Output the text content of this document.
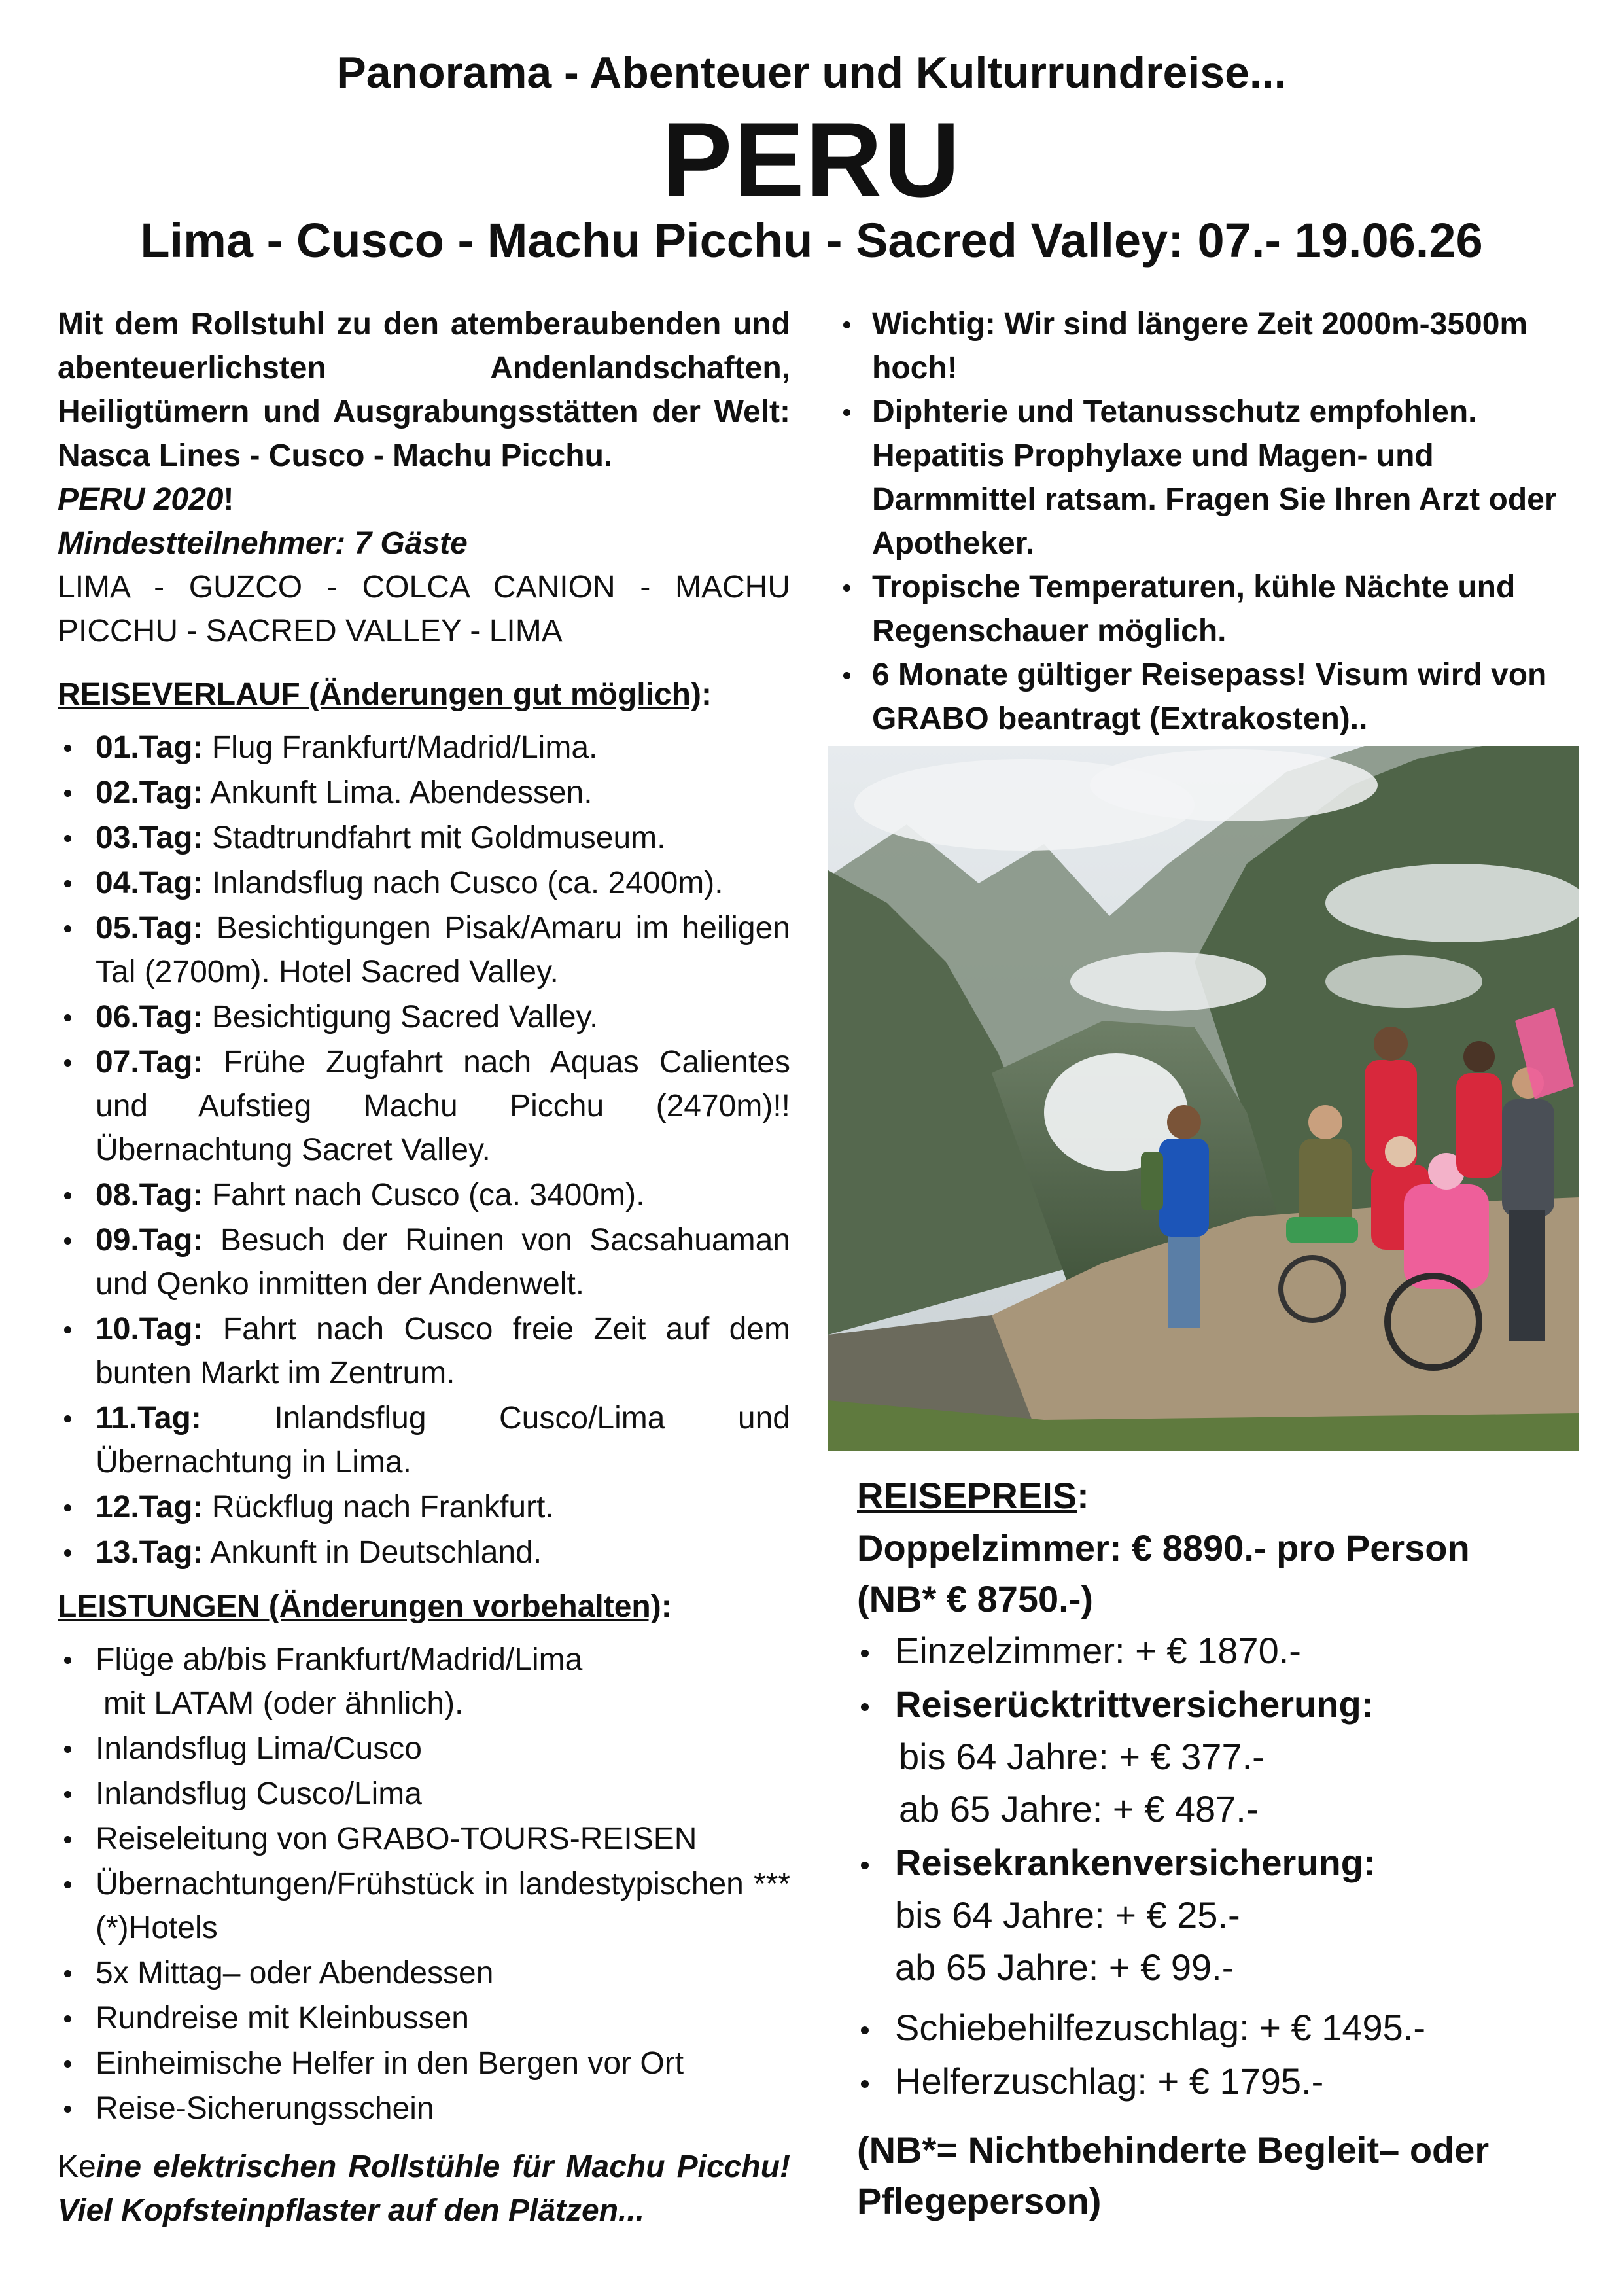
Panorama - Abenteuer und Kulturrundreise...
PERU
Lima - Cusco - Machu Picchu - Sacred Valley: 07.- 19.06.26
Mit dem Rollstuhl zu den atemberaubenden und abenteuerlichsten Andenlandschaften, Heiligtümern und Ausgrabungsstätten der Welt: Nasca Lines - Cusco - Machu Picchu.
PERU 2020!
Mindestteilnehmer: 7 Gäste
LIMA - GUZCO - COLCA CANION - MACHU PICCHU - SACRED VALLEY - LIMA
REISEVERLAUF (Änderungen gut möglich):
01.Tag: Flug Frankfurt/Madrid/Lima.
02.Tag: Ankunft Lima. Abendessen.
03.Tag: Stadtrundfahrt mit Goldmuseum.
04.Tag: Inlandsflug nach Cusco (ca. 2400m).
05.Tag: Besichtigungen Pisak/Amaru im heiligen Tal (2700m). Hotel Sacred Valley.
06.Tag: Besichtigung Sacred Valley.
07.Tag: Frühe Zugfahrt nach Aquas Calientes und Aufstieg Machu Picchu (2470m)!! Übernachtung Sacret Valley.
08.Tag: Fahrt nach Cusco (ca. 3400m).
09.Tag: Besuch der Ruinen von Sacsahuaman und Qenko inmitten der Andenwelt.
10.Tag: Fahrt nach Cusco freie Zeit auf dem bunten Markt im Zentrum.
11.Tag: Inlandsflug Cusco/Lima und Übernachtung in Lima.
12.Tag: Rückflug nach Frankfurt.
13.Tag: Ankunft in Deutschland.
LEISTUNGEN (Änderungen vorbehalten):
Flüge ab/bis Frankfurt/Madrid/Lima
mit LATAM (oder ähnlich).
Inlandsflug Lima/Cusco
Inlandsflug Cusco/Lima
Reiseleitung von GRABO-TOURS-REISEN
Übernachtungen/Frühstück in landestypischen ***(*)Hotels
5x Mittag– oder Abendessen
Rundreise mit Kleinbussen
Einheimische Helfer in den Bergen vor Ort
Reise-Sicherungsschein
Keine elektrischen Rollstühle für Machu Picchu! Viel Kopfsteinpflaster auf den Plätzen...
Wichtig: Wir sind längere Zeit 2000m-3500m hoch!
Diphterie und Tetanusschutz empfohlen. Hepatitis Prophylaxe und Magen- und Darmmittel ratsam. Fragen Sie Ihren Arzt oder Apotheker.
Tropische Temperaturen, kühle Nächte und Regenschauer möglich.
6 Monate gültiger Reisepass! Visum wird von GRABO beantragt (Extrakosten)..
REISEPREIS:
Doppelzimmer: € 8890.- pro Person
(NB* € 8750.-)
Einzelzimmer: + € 1870.-
Reiserücktrittversicherung:
bis 64 Jahre: + € 377.-
ab 65 Jahre: + € 487.-
Reisekrankenversicherung:
bis 64 Jahre: + € 25.-
ab 65 Jahre: + € 99.-
Schiebehilfezuschlag: + € 1495.-
Helferzuschlag: + € 1795.-
(NB*= Nichtbehinderte Begleit– oder Pflegeperson)
